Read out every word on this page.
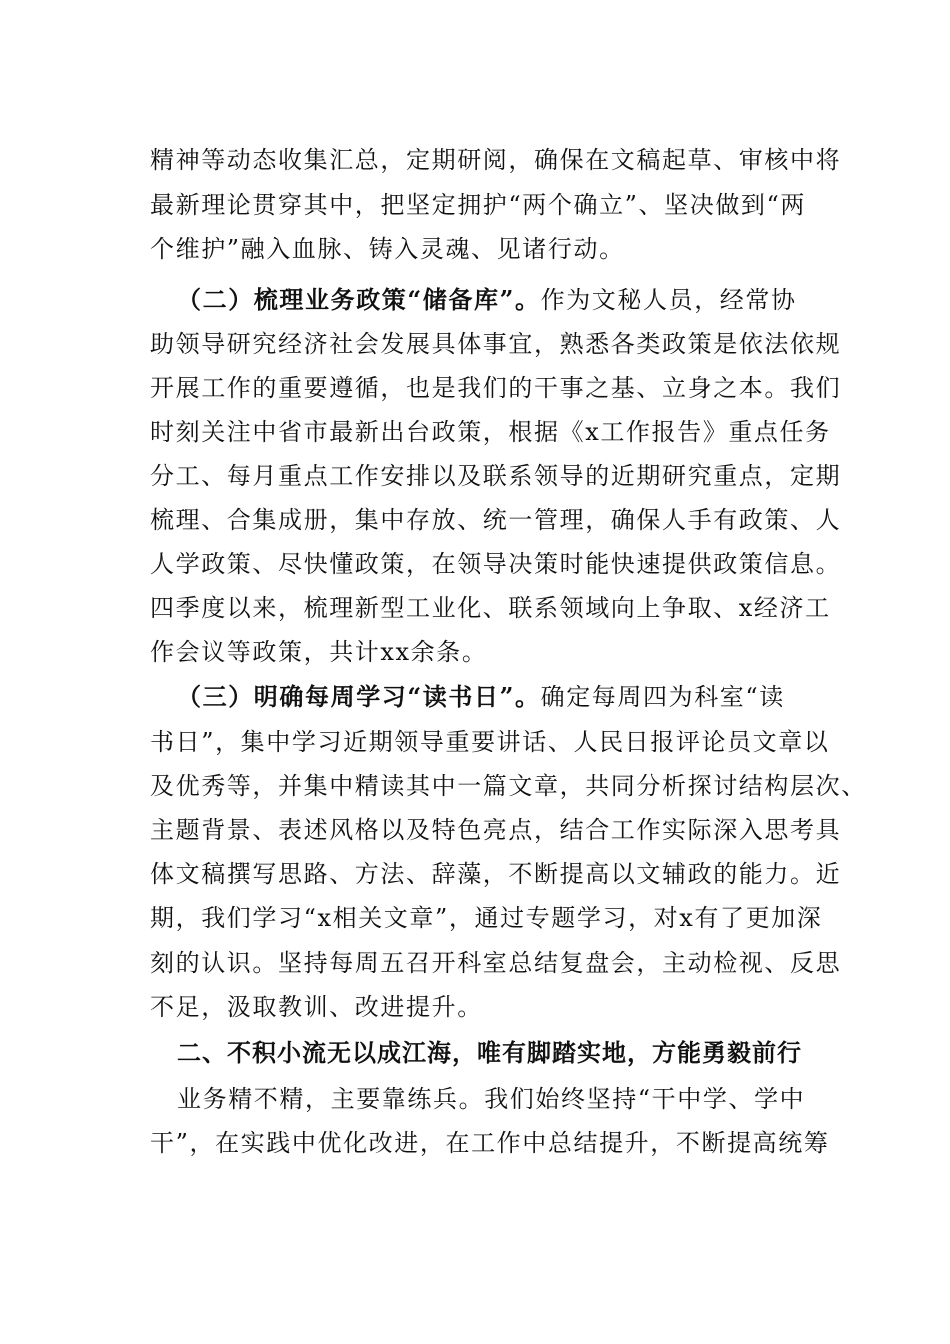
精神等动态收集汇总，定期研阅，确保在文稿起草、审核中将
最新理论贯穿其中，把坚定拥护“两个确立”、坚决做到“两
个维护”融入血脉、铸入灵魂、见诸行动。
（二）梳理业务政策“储备库”。作为文秘人员，经常协
助领导研究经济社会发展具体事宜，熟悉各类政策是依法依规
开展工作的重要遵循，也是我们的干事之基、立身之本。我们
时刻关注中省市最新出台政策，根据《x工作报告》重点任务
分工、每月重点工作安排以及联系领导的近期研究重点，定期
梳理、合集成册，集中存放、统一管理，确保人手有政策、人
人学政策、尽快懂政策，在领导决策时能快速提供政策信息。
四季度以来，梳理新型工业化、联系领域向上争取、x经济工
作会议等政策，共计xx余条。
（三）明确每周学习“读书日”。确定每周四为科室“读
书日”，集中学习近期领导重要讲话、人民日报评论员文章以
及优秀等，并集中精读其中一篇文章，共同分析探讨结构层次、
主题背景、表述风格以及特色亮点，结合工作实际深入思考具
体文稿撰写思路、方法、辞藻，不断提高以文辅政的能力。近
期，我们学习“x相关文章”，通过专题学习，对x有了更加深
刻的认识。坚持每周五召开科室总结复盘会，主动检视、反思
不足，汲取教训、改进提升。
二、不积小流无以成江海，唯有脚踏实地，方能勇毅前行
业务精不精，主要靠练兵。我们始终坚持“干中学、学中
干”，在实践中优化改进，在工作中总结提升，不断提高统筹
